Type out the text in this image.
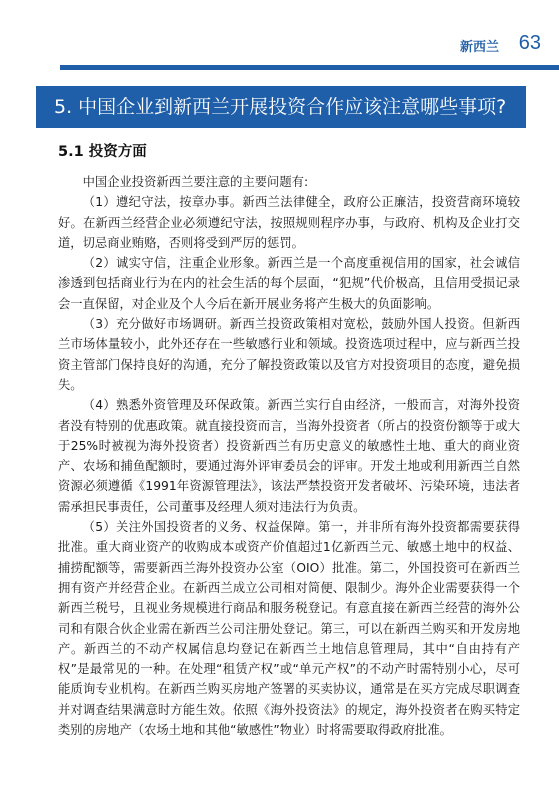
新西兰 63
5. 中国企业到新西兰开展投资合作应该注意哪些事项?
5.1 投资方面

中国企业投资新西兰要注意的主要问题有:

（1）遵纪守法，按章办事。新西兰法律健全，政府公正廉洁，投资营商环境较好。在新西兰经营企业必须遵纪守法，按照规则程序办事，与政府、机构及企业打交道，切忌商业贿赂，否则将受到严厉的惩罚。

（2）诚实守信，注重企业形象。新西兰是一个高度重视信用的国家，社会诚信渗透到包括商业行为在内的社会生活的每个层面，“犯规”代价极高，且信用受损记录会一直保留，对企业及个人今后在新开展业务将产生极大的负面影响。

（3）充分做好市场调研。新西兰投资政策相对宽松，鼓励外国人投资。但新西兰市场体量较小，此外还存在一些敏感行业和领域。投资选项过程中，应与新西兰投资主管部门保持良好的沟通，充分了解投资政策以及官方对投资项目的态度，避免损失。

（4）熟悉外资管理及环保政策。新西兰实行自由经济，一般而言，对海外投资者没有特别的优惠政策。就直接投资而言，当海外投资者（所占的投资份额等于或大于25%时被视为海外投资者）投资新西兰有历史意义的敏感性土地、重大的商业资产、农场和捕鱼配额时，要通过海外评审委员会的评审。开发土地或利用新西兰自然资源必须遵循《1991年资源管理法》，该法严禁投资开发者破坏、污染环境，违法者需承担民事责任，公司董事及经理人须对违法行为负责。

（5）关注外国投资者的义务、权益保障。第一，并非所有海外投资都需要获得批准。重大商业资产的收购成本或资产价值超过1亿新西兰元、敏感土地中的权益、捕捞配额等，需要新西兰海外投资办公室（OIO）批准。第二，外国投资可在新西兰拥有资产并经营企业。在新西兰成立公司相对简便、限制少。海外企业需要获得一个新西兰税号，且视业务规模进行商品和服务税登记。有意直接在新西兰经营的海外公司和有限合伙企业需在新西兰公司注册处登记。第三，可以在新西兰购买和开发房地产。新西兰的不动产权属信息均登记在新西兰土地信息管理局，其中“自由持有产权”是最常见的一种。在处理“租赁产权”或“单元产权”的不动产时需特别小心，尽可能质询专业机构。在新西兰购买房地产签署的买卖协议，通常是在买方完成尽职调查并对调查结果满意时方能生效。依照《海外投资法》的规定，海外投资者在购买特定类别的房地产（农场土地和其他“敏感性”物业）时将需要取得政府批准。
